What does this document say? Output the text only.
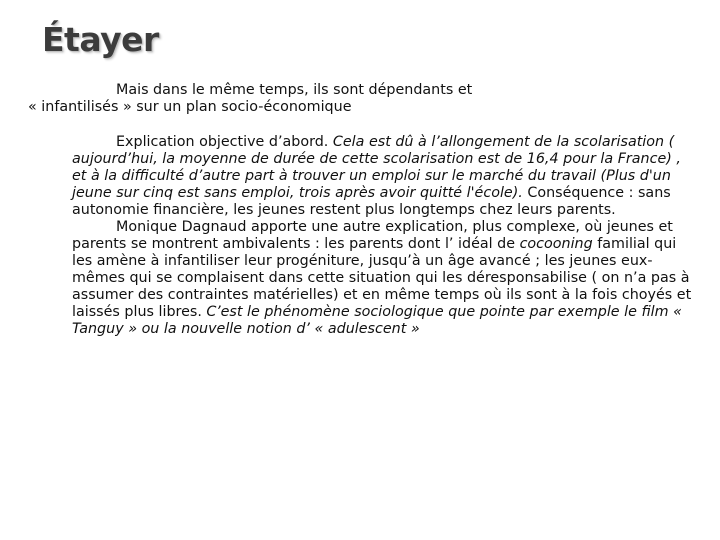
Étayer

Mais dans le même temps, ils sont dépendants et
« infantilisés » sur un plan socio-économique

Explication objective d’abord. Cela est dû à l’allongement de la scolarisation ( aujourd’hui, la moyenne de durée de cette scolarisation est de 16,4 pour la France) , et à la difficulté d’autre part à trouver un emploi sur le marché du travail (Plus d'un jeune sur cinq est sans emploi, trois après avoir quitté l'école). Conséquence : sans autonomie financière, les jeunes restent plus longtemps chez leurs parents.

Monique Dagnaud apporte une autre explication, plus complexe, où jeunes et parents se montrent ambivalents : les parents dont l’ idéal de cocooning familial qui les amène à infantiliser leur progéniture, jusqu’à un âge avancé ; les jeunes eux-mêmes qui se complaisent dans cette situation qui les déresponsabilise ( on n’a pas à assumer des contraintes matérielles) et en même temps où ils sont à la fois choyés et laissés plus libres. C’est le phénomène sociologique que pointe par exemple le film « Tanguy » ou la nouvelle notion d’ « adulescent »
